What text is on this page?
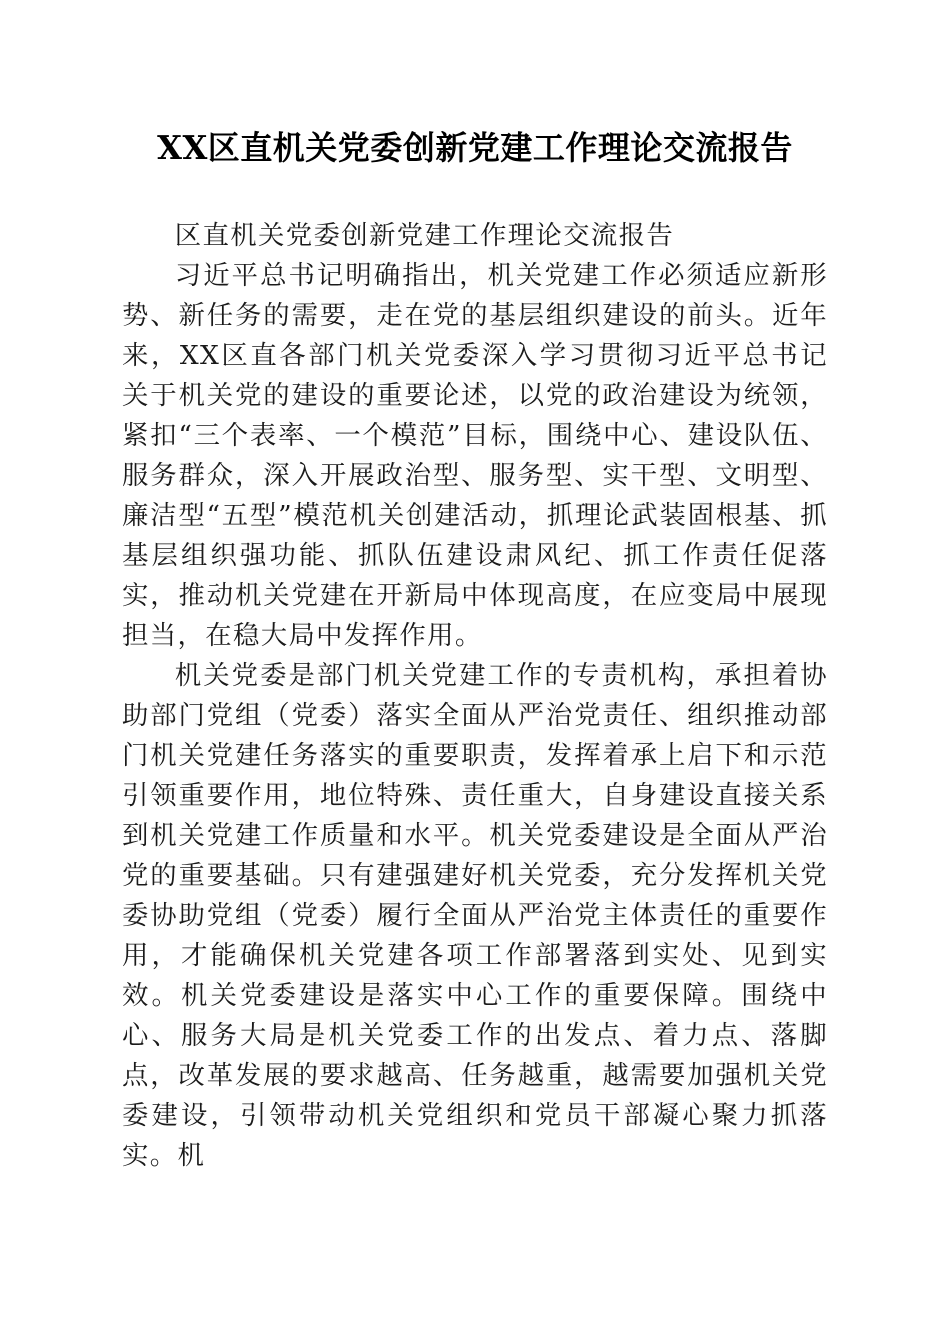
XX区直机关党委创新党建工作理论交流报告

区直机关党委创新党建工作理论交流报告

习近平总书记明确指出，机关党建工作必须适应新形势、新任务的需要，走在党的基层组织建设的前头。近年来，XX区直各部门机关党委深入学习贯彻习近平总书记关于机关党的建设的重要论述，以党的政治建设为统领，紧扣“三个表率、一个模范”目标，围绕中心、建设队伍、服务群众，深入开展政治型、服务型、实干型、文明型、廉洁型“五型”模范机关创建活动，抓理论武装固根基、抓基层组织强功能、抓队伍建设肃风纪、抓工作责任促落实，推动机关党建在开新局中体现高度，在应变局中展现担当，在稳大局中发挥作用。

机关党委是部门机关党建工作的专责机构，承担着协助部门党组（党委）落实全面从严治党责任、组织推动部门机关党建任务落实的重要职责，发挥着承上启下和示范引领重要作用，地位特殊、责任重大，自身建设直接关系到机关党建工作质量和水平。机关党委建设是全面从严治党的重要基础。只有建强建好机关党委，充分发挥机关党委协助党组（党委）履行全面从严治党主体责任的重要作用，才能确保机关党建各项工作部署落到实处、见到实效。机关党委建设是落实中心工作的重要保障。围绕中心、服务大局是机关党委工作的出发点、着力点、落脚点，改革发展的要求越高、任务越重，越需要加强机关党委建设，引领带动机关党组织和党员干部凝心聚力抓落实。机
